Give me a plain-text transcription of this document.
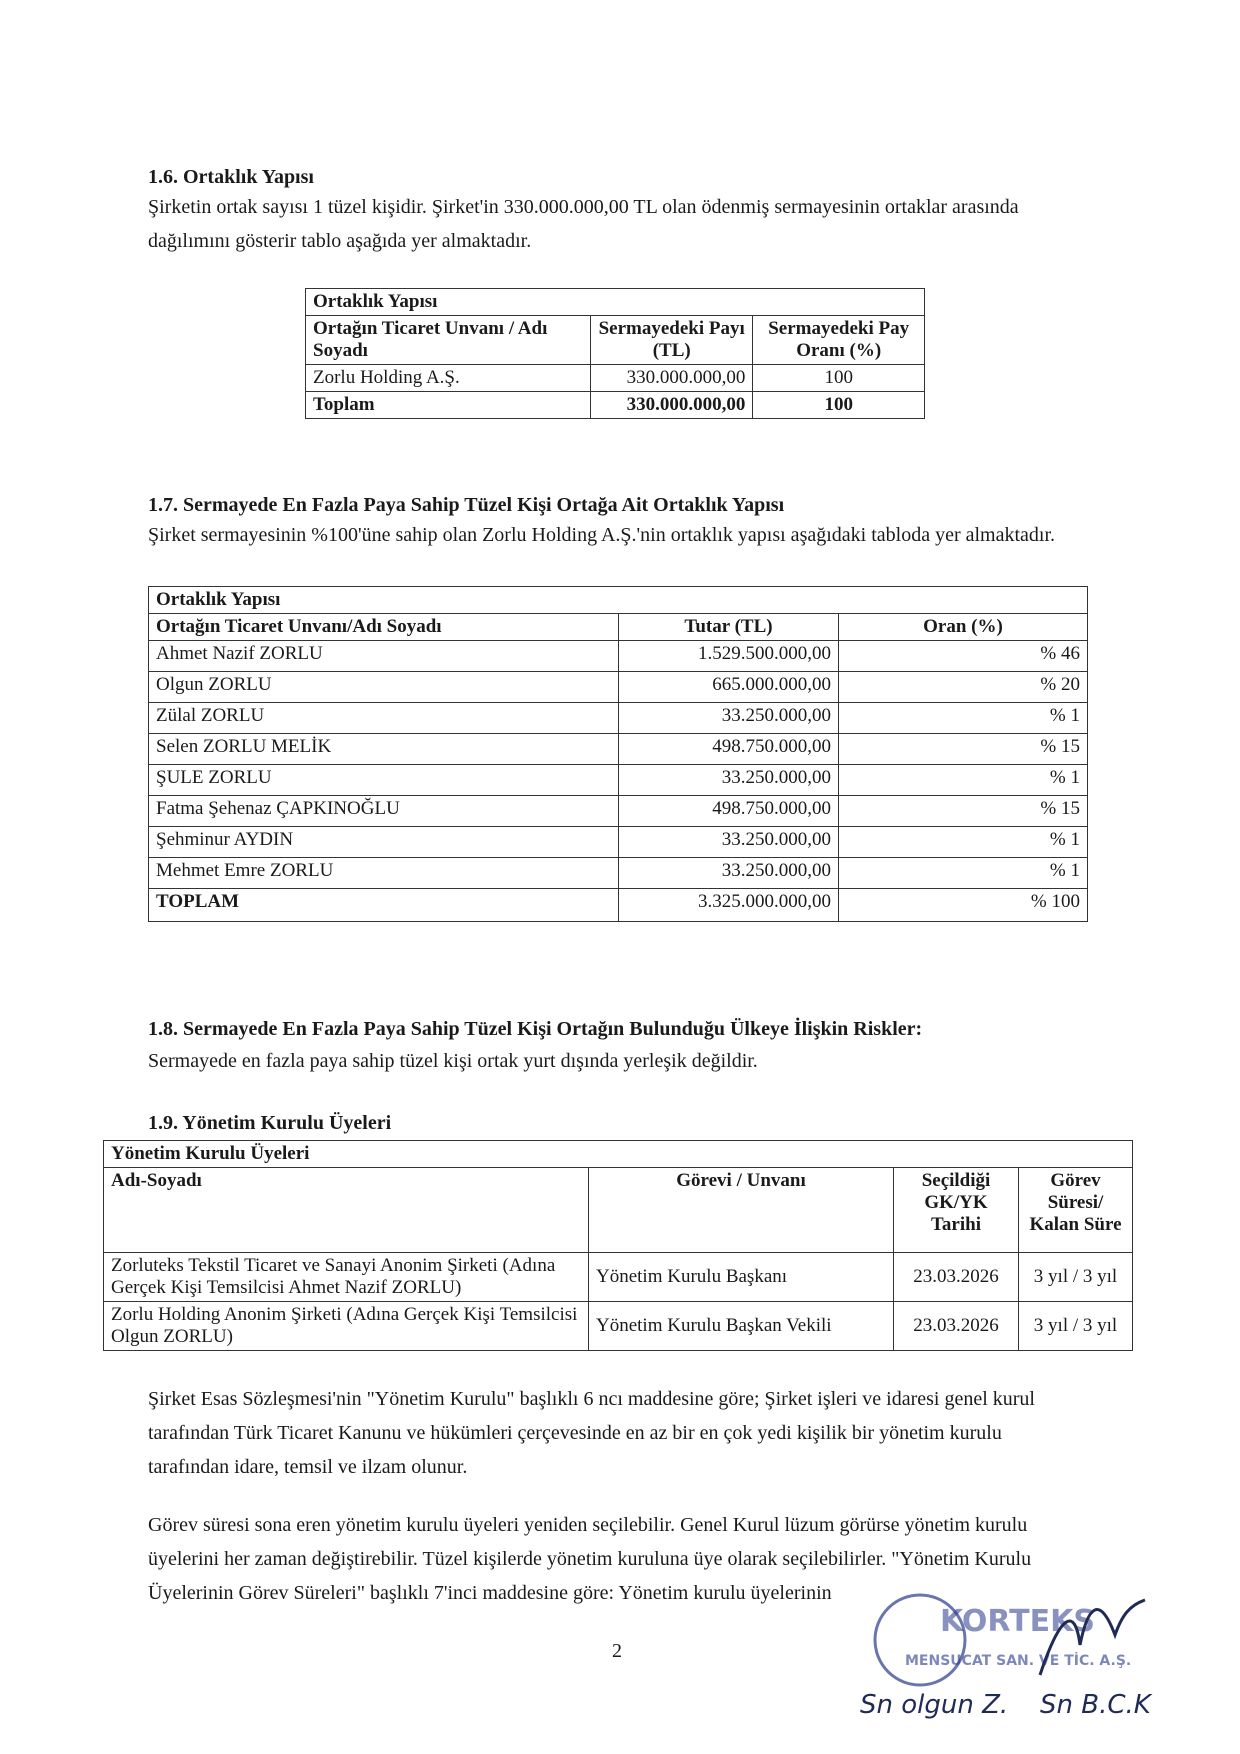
1.6. Ortaklık Yapısı
Şirketin ortak sayısı 1 tüzel kişidir. Şirket'in 330.000.000,00 TL olan ödenmiş sermayesinin ortaklar arasında dağılımını gösterir tablo aşağıda yer almaktadır.
Ortaklık Yapısı		
Ortağın Ticaret Unvanı / Adı Soyadı	Sermayedeki Payı (TL)	Sermayedeki Pay Oranı (%)
Zorlu Holding A.Ş.	330.000.000,00	100
Toplam	330.000.000,00	100
1.7. Sermayede En Fazla Paya Sahip Tüzel Kişi Ortağa Ait Ortaklık Yapısı
Şirket sermayesinin %100'üne sahip olan Zorlu Holding A.Ş.'nin ortaklık yapısı aşağıdaki tabloda yer almaktadır.
Ortaklık Yapısı		
Ortağın Ticaret Unvanı/Adı Soyadı	Tutar (TL)	Oran (%)
Ahmet Nazif ZORLU	1.529.500.000,00	% 46
Olgun ZORLU	665.000.000,00	% 20
Zülal ZORLU	33.250.000,00	% 1
Selen ZORLU MELİK	498.750.000,00	% 15
ŞULE ZORLU	33.250.000,00	% 1
Fatma Şehenaz ÇAPKINOĞLU	498.750.000,00	% 15
Şehminur AYDIN	33.250.000,00	% 1
Mehmet Emre ZORLU	33.250.000,00	% 1
TOPLAM	3.325.000.000,00	% 100
1.8. Sermayede En Fazla Paya Sahip Tüzel Kişi Ortağın Bulunduğu Ülkeye İlişkin Riskler:
Sermayede en fazla paya sahip tüzel kişi ortak yurt dışında yerleşik değildir.
1.9. Yönetim Kurulu Üyeleri
Yönetim Kurulu Üyeleri			
Adı-Soyadı	Görevi / Unvanı	Seçildiği GK/YK Tarihi	Görev Süresi/ Kalan Süre
Zorluteks Tekstil Ticaret ve Sanayi Anonim Şirketi (Adına Gerçek Kişi Temsilcisi Ahmet Nazif ZORLU)	Yönetim Kurulu Başkanı	23.03.2026	3 yıl / 3 yıl
Zorlu Holding Anonim Şirketi (Adına Gerçek Kişi Temsilcisi Olgun ZORLU)	Yönetim Kurulu Başkan Vekili	23.03.2026	3 yıl / 3 yıl
Şirket Esas Sözleşmesi'nin "Yönetim Kurulu" başlıklı 6 ncı maddesine göre; Şirket işleri ve idaresi genel kurul tarafından Türk Ticaret Kanunu ve hükümleri çerçevesinde en az bir en çok yedi kişilik bir yönetim kurulu tarafından idare, temsil ve ilzam olunur.
Görev süresi sona eren yönetim kurulu üyeleri yeniden seçilebilir. Genel Kurul lüzum görürse yönetim kurulu üyelerini her zaman değiştirebilir. Tüzel kişilerde yönetim kuruluna üye olarak seçilebilirler. "Yönetim Kurulu Üyelerinin Görev Süreleri" başlıklı 7'inci maddesine göre: Yönetim kurulu üyelerinin
2
KORTEKS
MENSUCAT SAN. VE TİC. A.Ş.
Sn olgun Z. Sn B.C.K
